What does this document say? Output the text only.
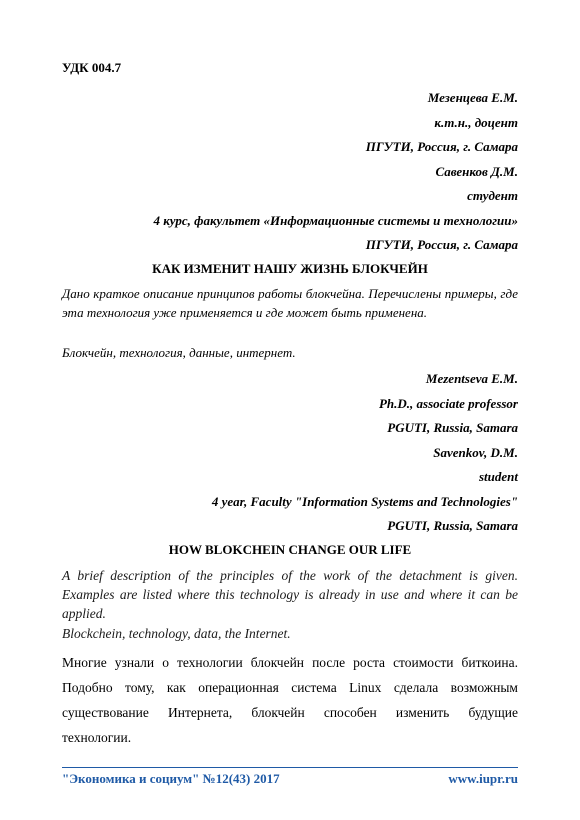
УДК 004.7
Мезенцева Е.М.
к.т.н., доцент
ПГУТИ, Россия, г. Самара
Савенков Д.М.
студент
4 курс, факультет «Информационные системы и технологии»
ПГУТИ, Россия, г. Самара
КАК ИЗМЕНИТ НАШУ ЖИЗНЬ БЛОКЧЕЙН
Дано краткое описание принципов работы блокчейна. Перечислены примеры, где эта технология уже применяется и где может быть применена.
Блокчейн, технология, данные, интернет.
Mezentseva E.M.
Ph.D., associate professor
PGUTI, Russia, Samara
Savenkov, D.M.
student
4 year, Faculty "Information Systems and Technologies"
PGUTI, Russia, Samara
HOW BLOKCHEIN CHANGE OUR LIFE
A brief description of the principles of the work of the detachment is given. Examples are listed where this technology is already in use and where it can be applied.
Blockchein, technology, data, the Internet.
Многие узнали о технологии блокчейн после роста стоимости биткоина.
Подобно тому, как операционная система Linux сделала возможным
существование Интернета, блокчейн способен изменить будущие
технологии.
"Экономика и социум" №12(43) 2017	www.iupr.ru
